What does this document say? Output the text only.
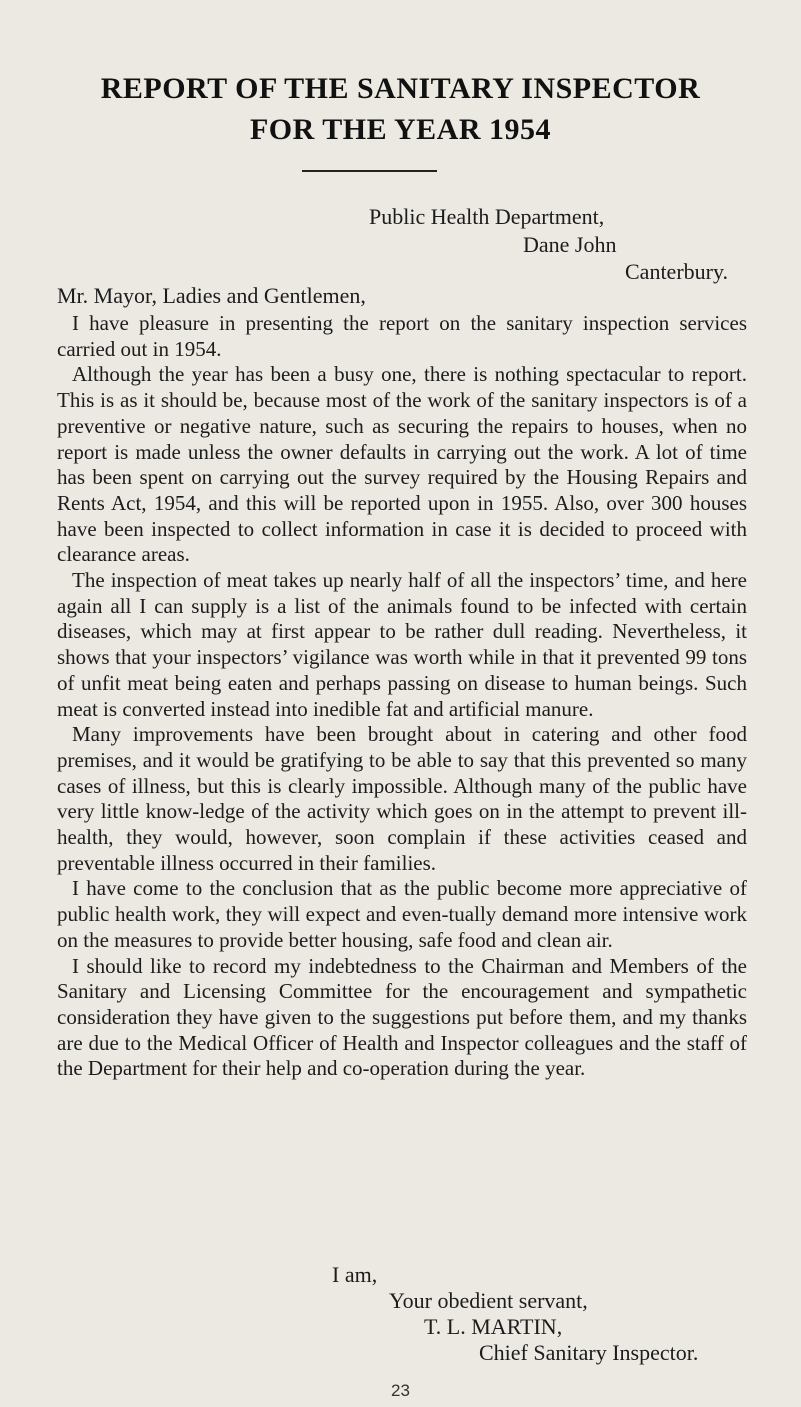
REPORT OF THE SANITARY INSPECTOR
FOR THE YEAR 1954
Public Health Department,
Dane John
Canterbury.
Mr. Mayor, Ladies and Gentlemen,

I have pleasure in presenting the report on the sanitary inspection services carried out in 1954.

Although the year has been a busy one, there is nothing spectacular to report. This is as it should be, because most of the work of the sanitary inspectors is of a preventive or negative nature, such as securing the repairs to houses, when no report is made unless the owner defaults in carrying out the work. A lot of time has been spent on carrying out the survey required by the Housing Repairs and Rents Act, 1954, and this will be reported upon in 1955. Also, over 300 houses have been inspected to collect information in case it is decided to proceed with clearance areas.

The inspection of meat takes up nearly half of all the inspectors’ time, and here again all I can supply is a list of the animals found to be infected with certain diseases, which may at first appear to be rather dull reading. Nevertheless, it shows that your inspectors’ vigilance was worth while in that it prevented 99 tons of unfit meat being eaten and perhaps passing on disease to human beings. Such meat is converted instead into inedible fat and artificial manure.

Many improvements have been brought about in catering and other food premises, and it would be gratifying to be able to say that this prevented so many cases of illness, but this is clearly impossible. Although many of the public have very little know-ledge of the activity which goes on in the attempt to prevent ill-health, they would, however, soon complain if these activities ceased and preventable illness occurred in their families.

I have come to the conclusion that as the public become more appreciative of public health work, they will expect and even-tually demand more intensive work on the measures to provide better housing, safe food and clean air.

I should like to record my indebtedness to the Chairman and Members of the Sanitary and Licensing Committee for the encouragement and sympathetic consideration they have given to the suggestions put before them, and my thanks are due to the Medical Officer of Health and Inspector colleagues and the staff of the Department for their help and co-operation during the year.

I am,
Your obedient servant,
T. L. MARTIN,
Chief Sanitary Inspector.
23
